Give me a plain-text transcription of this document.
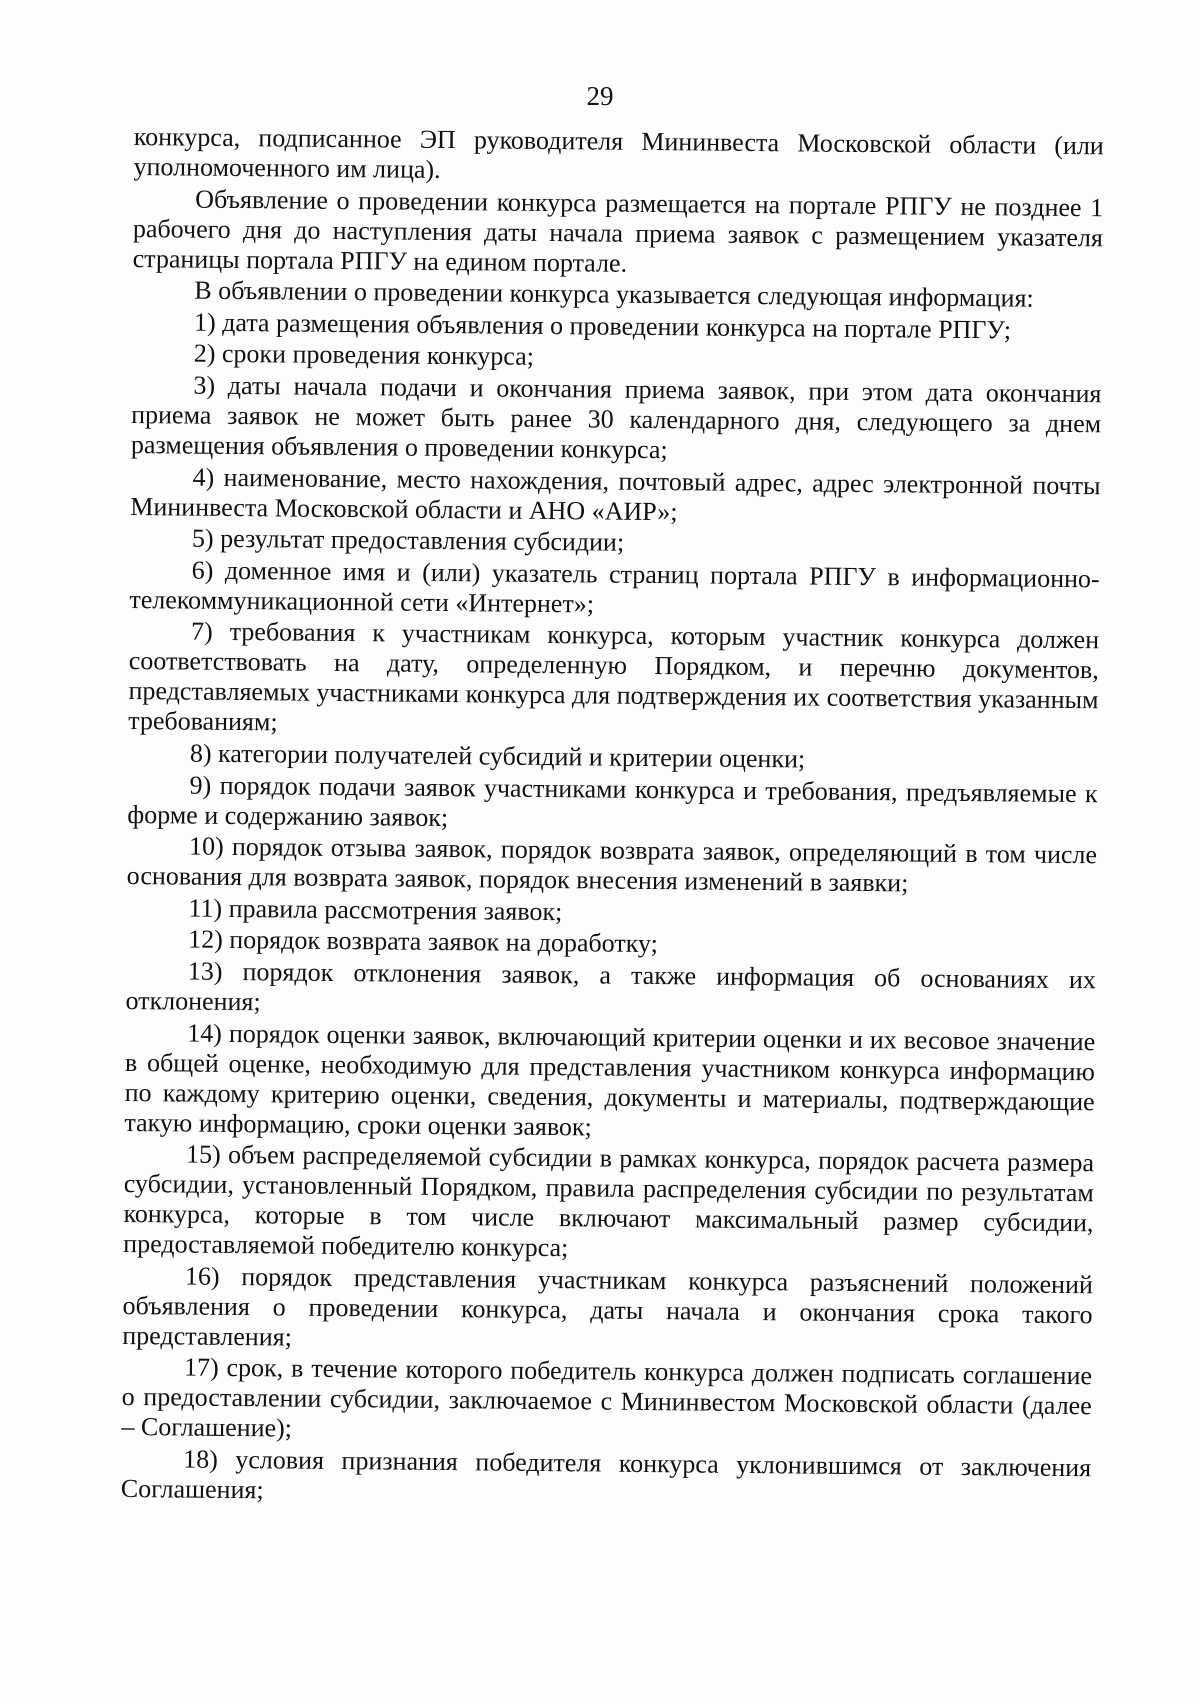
29

конкурса, подписанное ЭП руководителя Мининвеста Московской области (или уполномоченного им лица).

Объявление о проведении конкурса размещается на портале РПГУ не позднее 1 рабочего дня до наступления даты начала приема заявок с размещением указателя страницы портала РПГУ на едином портале.

В объявлении о проведении конкурса указывается следующая информация:

1) дата размещения объявления о проведении конкурса на портале РПГУ;

2) сроки проведения конкурса;

3) даты начала подачи и окончания приема заявок, при этом дата окончания приема заявок не может быть ранее 30 календарного дня, следующего за днем размещения объявления о проведении конкурса;

4) наименование, место нахождения, почтовый адрес, адрес электронной почты Мининвеста Московской области и АНО «АИР»;

5) результат предоставления субсидии;

6) доменное имя и (или) указатель страниц портала РПГУ в информационно-телекоммуникационной сети «Интернет»;

7) требования к участникам конкурса, которым участник конкурса должен соответствовать на дату, определенную Порядком, и перечню документов, представляемых участниками конкурса для подтверждения их соответствия указанным требованиям;

8) категории получателей субсидий и критерии оценки;

9) порядок подачи заявок участниками конкурса и требования, предъявляемые к форме и содержанию заявок;

10) порядок отзыва заявок, порядок возврата заявок, определяющий в том числе основания для возврата заявок, порядок внесения изменений в заявки;

11) правила рассмотрения заявок;

12) порядок возврата заявок на доработку;

13) порядок отклонения заявок, а также информация об основаниях их отклонения;

14) порядок оценки заявок, включающий критерии оценки и их весовое значение в общей оценке, необходимую для представления участником конкурса информацию по каждому критерию оценки, сведения, документы и материалы, подтверждающие такую информацию, сроки оценки заявок;

15) объем распределяемой субсидии в рамках конкурса, порядок расчета размера субсидии, установленный Порядком, правила распределения субсидии по результатам конкурса, которые в том числе включают максимальный размер субсидии, предоставляемой победителю конкурса;

16) порядок представления участникам конкурса разъяснений положений объявления о проведении конкурса, даты начала и окончания срока такого представления;

17) срок, в течение которого победитель конкурса должен подписать соглашение о предоставлении субсидии, заключаемое с Мининвестом Московской области (далее – Соглашение);

18) условия признания победителя конкурса уклонившимся от заключения Соглашения;
